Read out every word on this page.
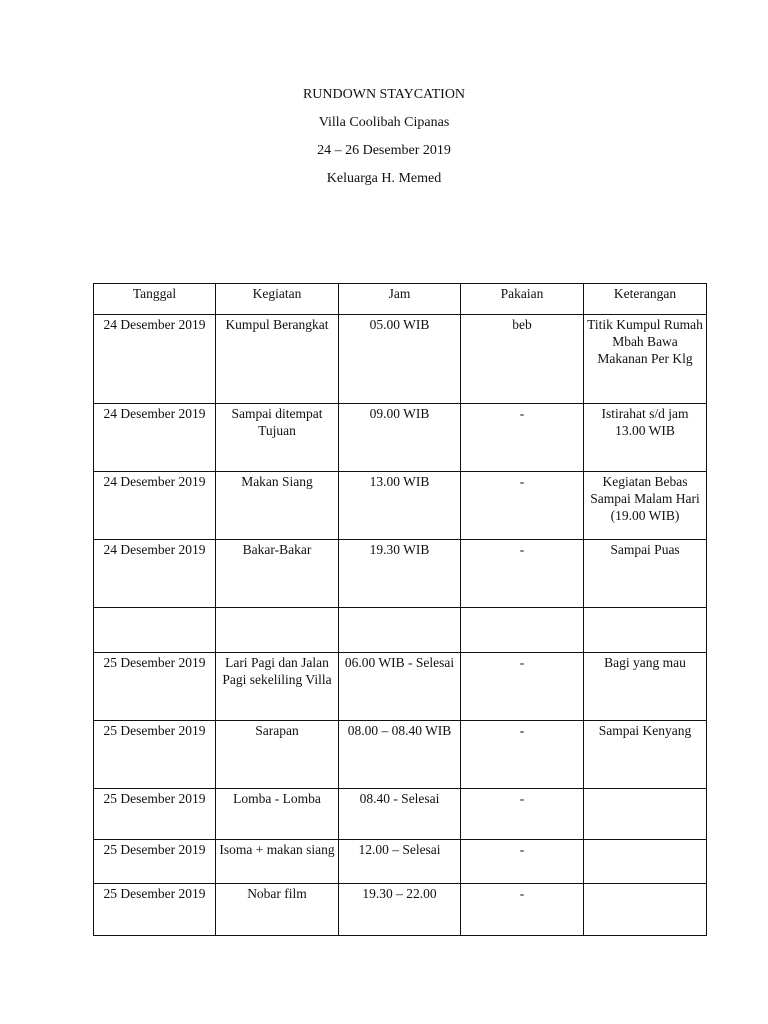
RUNDOWN STAYCATION
Villa Coolibah Cipanas
24 – 26 Desember 2019
Keluarga H. Memed
Tanggal	Kegiatan	Jam	Pakaian	Keterangan
24 Desember 2019	Kumpul Berangkat	05.00 WIB	beb	Titik Kumpul Rumah Mbah Bawa Makanan Per Klg
24 Desember 2019	Sampai ditempat Tujuan	09.00 WIB	-	Istirahat s/d jam 13.00 WIB
24 Desember 2019	Makan Siang	13.00 WIB	-	Kegiatan Bebas Sampai Malam Hari (19.00 WIB)
24 Desember 2019	Bakar-Bakar	19.30 WIB	-	Sampai Puas

25 Desember 2019	Lari Pagi dan Jalan Pagi sekeliling Villa	06.00 WIB - Selesai	-	Bagi yang mau
25 Desember 2019	Sarapan	08.00 – 08.40 WIB	-	Sampai Kenyang
25 Desember 2019	Lomba - Lomba	08.40 - Selesai	-	
25 Desember 2019	Isoma + makan siang	12.00 – Selesai	-	
25 Desember 2019	Nobar film	19.30 – 22.00	-	
